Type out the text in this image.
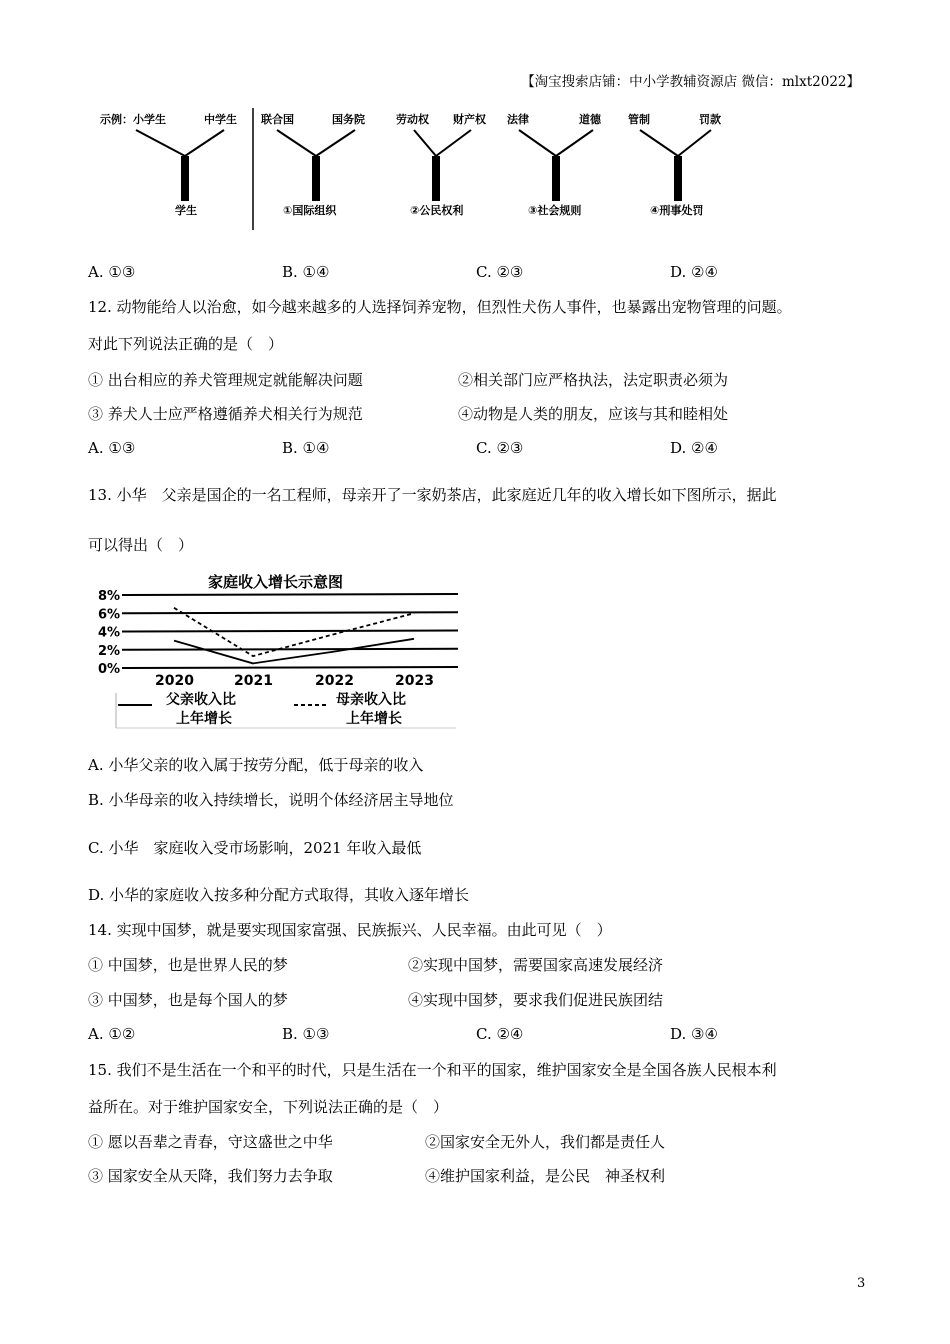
【淘宝搜索店铺：中小学教辅资源店 微信：mlxt2022】
示例：小学生	中学生
学生
联合国	国务院
①国际组织
劳动权 财产权
②公民权利
法律	道德
③社会规则
管制	罚款
④刑事处罚
A. ①③	B. ①④	C. ②③	D. ②④
12. 动物能给人以治愈，如今越来越多的人选择饲养宠物，但烈性犬伤人事件，也暴露出宠物管理的问题。
对此下列说法正确的是（　）
① 出台相应的养犬管理规定就能解决问题	②相关部门应严格执法，法定职责必须为
③ 养犬人士应严格遵循养犬相关行为规范	④动物是人类的朋友，应该与其和睦相处
A. ①③	B. ①④	C. ②③	D. ②④
13. 小华　父亲是国企的一名工程师，母亲开了一家奶茶店，此家庭近几年的收入增长如下图所示，据此
可以得出（　）
家庭收入增长示意图
8%
6%
4%
2%
0%
2020	2021	2022	2023
父亲收入比
上年增长
母亲收入比
上年增长
A. 小华父亲的收入属于按劳分配，低于母亲的收入
B. 小华母亲的收入持续增长，说明个体经济居主导地位
C. 小华　家庭收入受市场影响，2021 年收入最低
D. 小华的家庭收入按多种分配方式取得，其收入逐年增长
14. 实现中国梦，就是要实现国家富强、民族振兴、人民幸福。由此可见（　）
① 中国梦，也是世界人民的梦	②实现中国梦，需要国家高速发展经济
③ 中国梦，也是每个国人的梦	④实现中国梦，要求我们促进民族团结
A. ①②	B. ①③	C. ②④	D. ③④
15. 我们不是生活在一个和平的时代，只是生活在一个和平的国家，维护国家安全是全国各族人民根本利
益所在。对于维护国家安全，下列说法正确的是（　）
① 愿以吾辈之青春，守这盛世之中华	②国家安全无外人，我们都是责任人
③ 国家安全从天降，我们努力去争取	④维护国家利益，是公民　神圣权利
3
